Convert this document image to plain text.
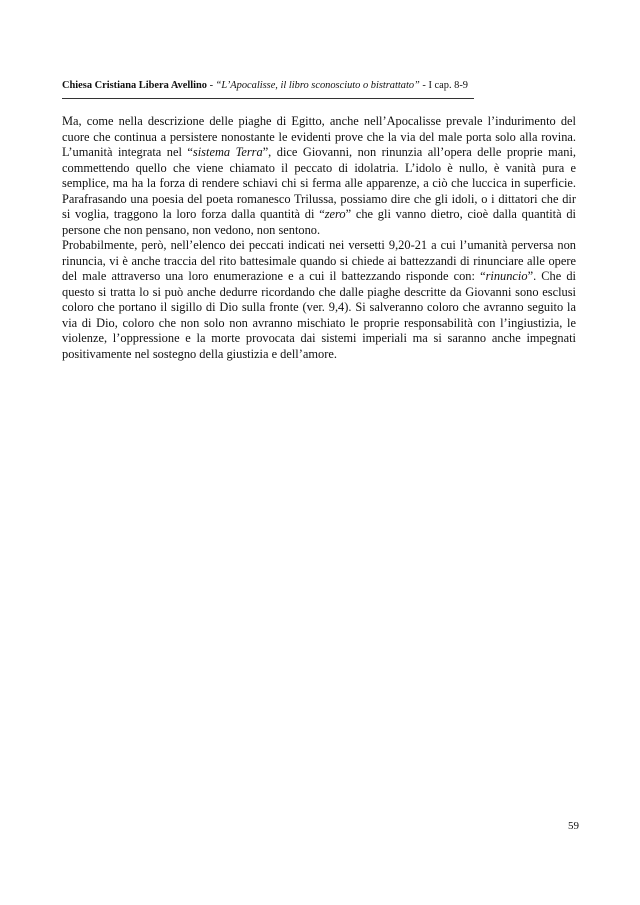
Chiesa Cristiana Libera Avellino - “L’Apocalisse, il libro sconosciuto o bistrattato” - I cap. 8-9

Ma, come nella descrizione delle piaghe di Egitto, anche nell’Apocalisse prevale l’indurimento del cuore che continua a persistere nonostante le evidenti prove che la via del male porta solo alla rovina. L’umanità integrata nel “sistema Terra”, dice Giovanni, non rinunzia all’opera delle proprie mani, commettendo quello che viene chiamato il peccato di idolatria. L’idolo è nullo, è vanità pura e semplice, ma ha la forza di rendere schiavi chi si ferma alle apparenze, a ciò che luccica in superficie. Parafrasando una poesia del poeta romanesco Trilussa, possiamo dire che gli idoli, o i dittatori che dir si voglia, traggono la loro forza dalla quantità di “zero” che gli vanno dietro, cioè dalla quantità di persone che non pensano, non vedono, non sentono.

Probabilmente, però, nell’elenco dei peccati indicati nei versetti 9,20-21 a cui l’umanità perversa non rinuncia, vi è anche traccia del rito battesimale quando si chiede ai battezzandi di rinunciare alle opere del male attraverso una loro enumerazione e a cui il battezzando risponde con: “rinuncio”. Che di questo si tratta lo si può anche dedurre ricordando che dalle piaghe descritte da Giovanni sono esclusi coloro che portano il sigillo di Dio sulla fronte (ver. 9,4). Si salveranno coloro che avranno seguito la via di Dio, coloro che non solo non avranno mischiato le proprie responsabilità con l’ingiustizia, le violenze, l’oppressione e la morte provocata dai sistemi imperiali ma si saranno anche impegnati positivamente nel sostegno della giustizia e dell’amore.

59
